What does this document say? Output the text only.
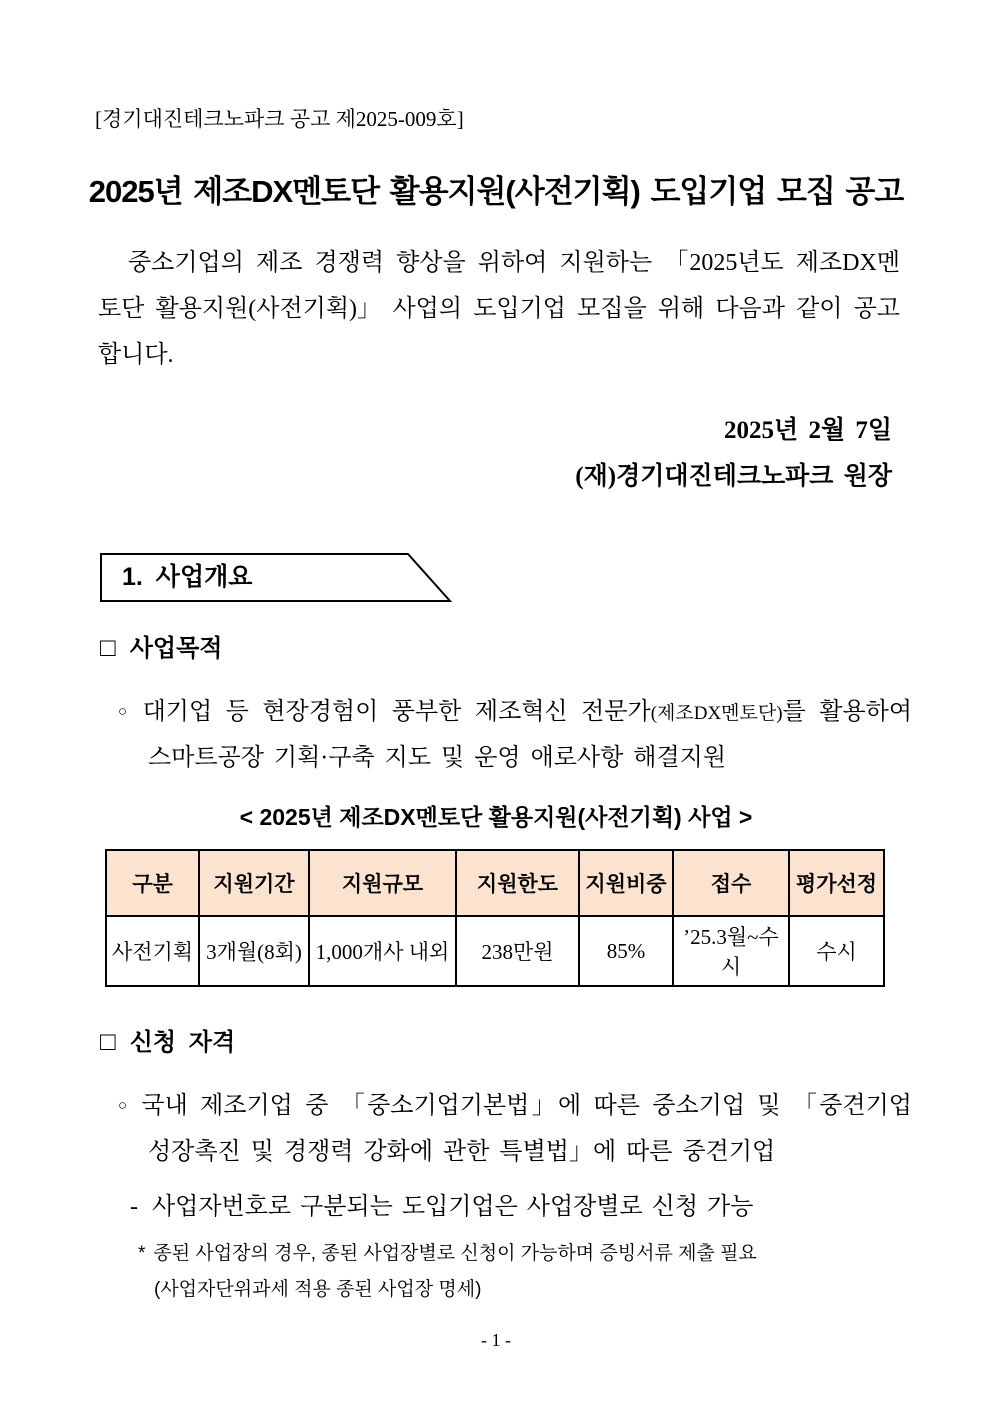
[경기대진테크노파크 공고 제2025-009호]
2025년 제조DX멘토단 활용지원(사전기획) 도입기업 모집 공고
중소기업의 제조 경쟁력 향상을 위하여 지원하는 「2025년도 제조DX멘토단 활용지원(사전기획)」 사업의 도입기업 모집을 위해 다음과 같이 공고합니다.
2025년 2월 7일
(재)경기대진테크노파크 원장
1. 사업개요
□ 사업목적
○ 대기업 등 현장경험이 풍부한 제조혁신 전문가(제조DX멘토단)를 활용하여 스마트공장 기획·구축 지도 및 운영 애로사항 해결지원
< 2025년 제조DX멘토단 활용지원(사전기획) 사업 >
구분	지원기간	지원규모	지원한도	지원비중	접수	평가선정
사전기획	3개월(8회)	1,000개사 내외	238만원	85%	’25.3월~수시	수시
□ 신청 자격
○ 국내 제조기업 중 「중소기업기본법」에 따른 중소기업 및 「중견기업 성장촉진 및 경쟁력 강화에 관한 특별법」에 따른 중견기업
- 사업자번호로 구분되는 도입기업은 사업장별로 신청 가능
* 종된 사업장의 경우, 종된 사업장별로 신청이 가능하며 증빙서류 제출 필요
(사업자단위과세 적용 종된 사업장 명세)
- 1 -
